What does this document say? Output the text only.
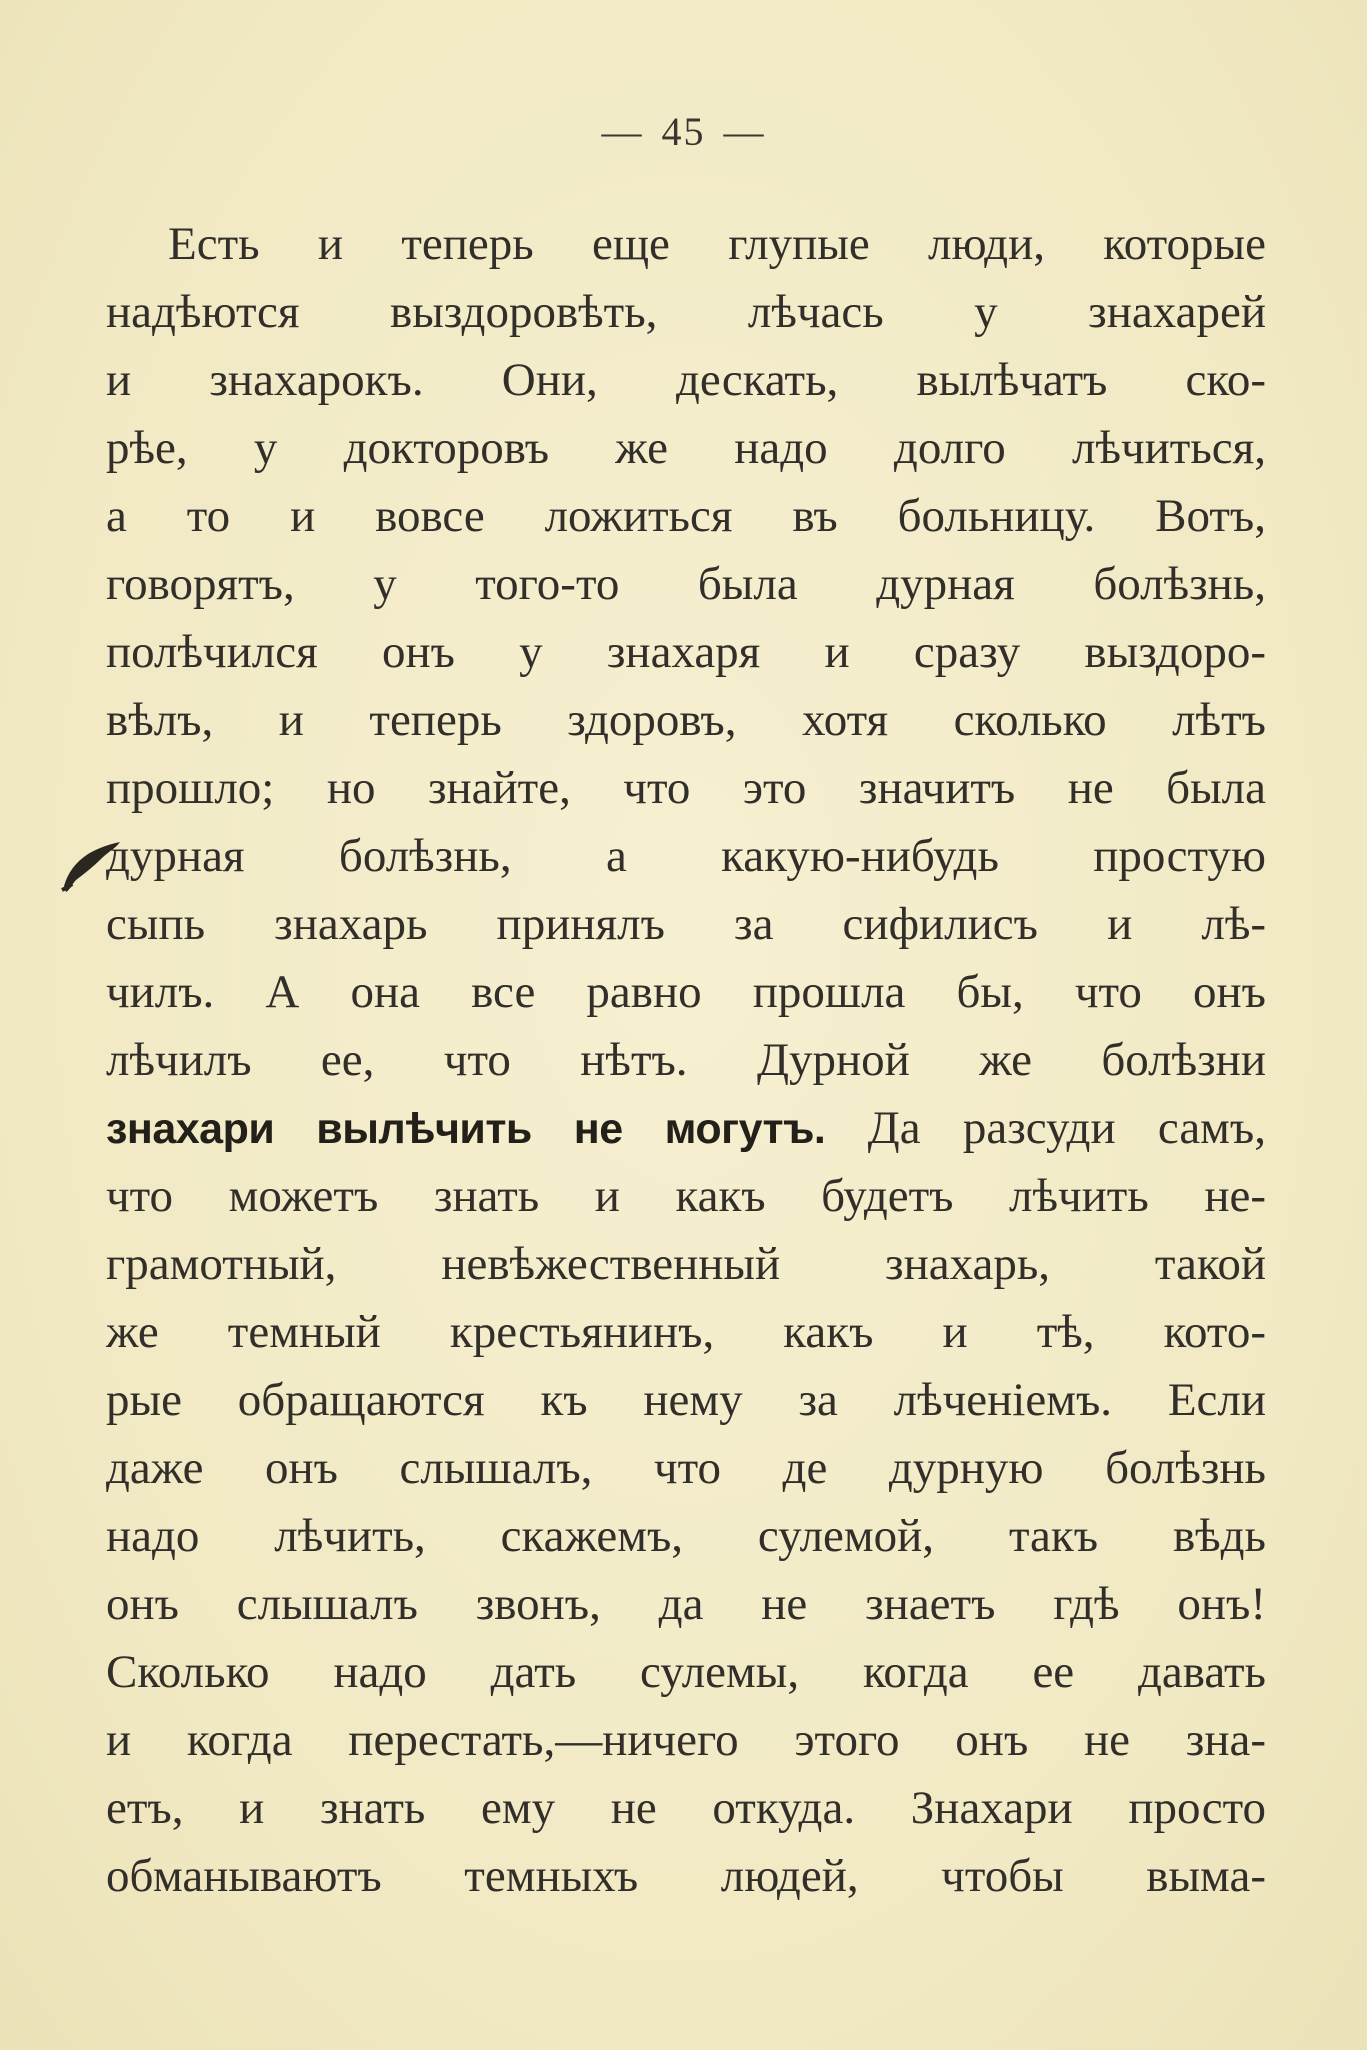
— 45 —
Есть и теперь еще глупые люди, которые
надѣются выздоровѣть, лѣчась у знахарей
и знахарокъ. Они, дескать, вылѣчатъ ско-
рѣе, у докторовъ же надо долго лѣчиться,
а то и вовсе ложиться въ больницу. Вотъ,
говорятъ, у того-то была дурная болѣзнь,
полѣчился онъ у знахаря и сразу выздоро-
вѣлъ, и теперь здоровъ, хотя сколько лѣтъ
прошло; но знайте, что это значитъ не была
дурная болѣзнь, а какую-нибудь простую
сыпь знахарь принялъ за сифилисъ и лѣ-
чилъ. А она все равно прошла бы, что онъ
лѣчилъ ее, что нѣтъ. Дурной же болѣзни
знахари вылѣчить не могутъ. Да разсуди самъ,
что можетъ знать и какъ будетъ лѣчить не-
грамотный, невѣжественный знахарь, такой
же темный крестьянинъ, какъ и тѣ, кото-
рые обращаются къ нему за лѣченіемъ. Если
даже онъ слышалъ, что де дурную болѣзнь
надо лѣчить, скажемъ, сулемой, такъ вѣдь
онъ слышалъ звонъ, да не знаетъ гдѣ онъ!
Сколько надо дать сулемы, когда ее давать
и когда перестать,—ничего этого онъ не зна-
етъ, и знать ему не откуда. Знахари просто
обманываютъ темныхъ людей, чтобы выма-
